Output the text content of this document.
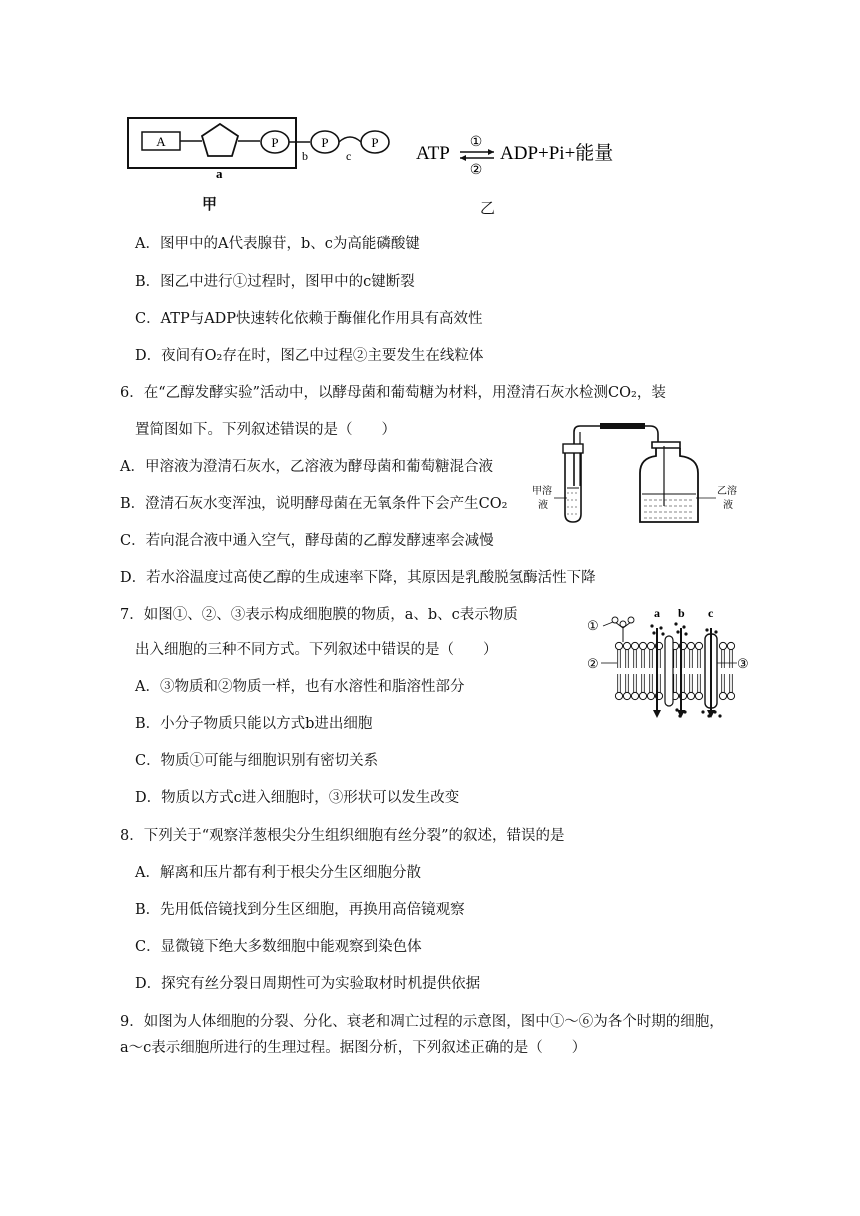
A	P	P	P
b	c
a
甲
ATP
①
②
ADP+Pi+能量
乙
A．图甲中的A代表腺苷，b、c为高能磷酸键
B．图乙中进行①过程时，图甲中的c键断裂
C．ATP与ADP快速转化依赖于酶催化作用具有高效性
D．夜间有O₂存在时，图乙中过程②主要发生在线粒体
6．在“乙醇发酵实验”活动中，以酵母菌和葡萄糖为材料，用澄清石灰水检测CO₂，装
置简图如下。下列叙述错误的是（　　）
A．甲溶液为澄清石灰水，乙溶液为酵母菌和葡萄糖混合液
B．澄清石灰水变浑浊，说明酵母菌在无氧条件下会产生CO₂
C．若向混合液中通入空气，酵母菌的乙醇发酵速率会减慢
D．若水浴温度过高使乙醇的生成速率下降，其原因是乳酸脱氢酶活性下降
甲溶
液
乙溶
液
7．如图①、②、③表示构成细胞膜的物质，a、b、c表示物质
出入细胞的三种不同方式。下列叙述中错误的是（　　）
A．③物质和②物质一样，也有水溶性和脂溶性部分
B．小分子物质只能以方式b进出细胞
C．物质①可能与细胞识别有密切关系
D．物质以方式c进入细胞时，③形状可以发生改变
①
②	③
a b c
8．下列关于“观察洋葱根尖分生组织细胞有丝分裂”的叙述，错误的是
A．解离和压片都有利于根尖分生区细胞分散
B．先用低倍镜找到分生区细胞，再换用高倍镜观察
C．显微镜下绝大多数细胞中能观察到染色体
D．探究有丝分裂日周期性可为实验取材时机提供依据
9．如图为人体细胞的分裂、分化、衰老和凋亡过程的示意图，图中①～⑥为各个时期的细胞，
a～c表示细胞所进行的生理过程。据图分析，下列叙述正确的是（　　）
